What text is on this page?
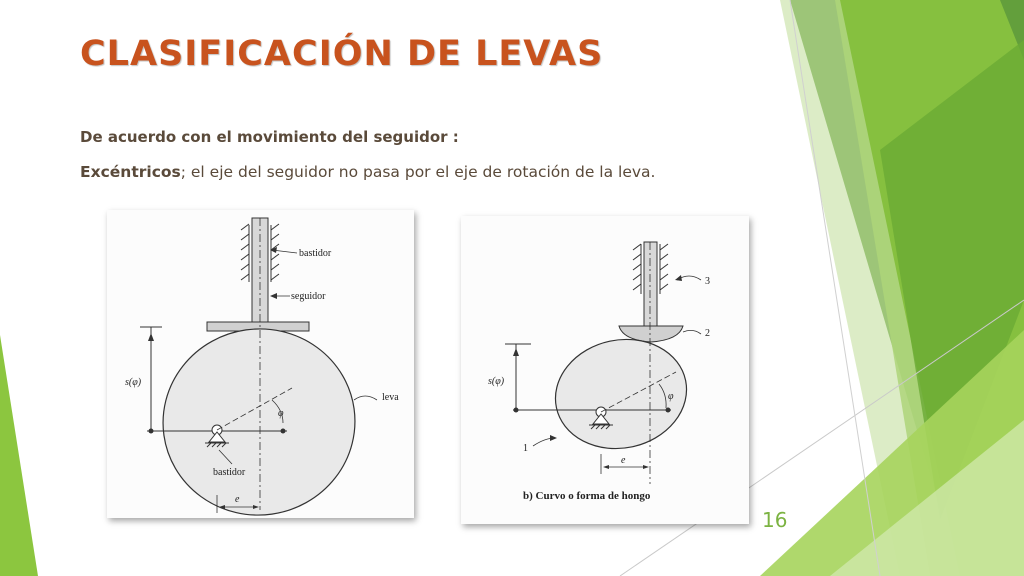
CLASIFICACIÓN DE LEVAS
De acuerdo con el movimiento del seguidor :
Excéntricos; el eje del seguidor no pasa por el eje de rotación de la leva.
bastidor
seguidor
leva
s(φ)
φ
bastidor
e
3
2
1
s(φ)
φ
e
b) Curvo o forma de hongo
16
